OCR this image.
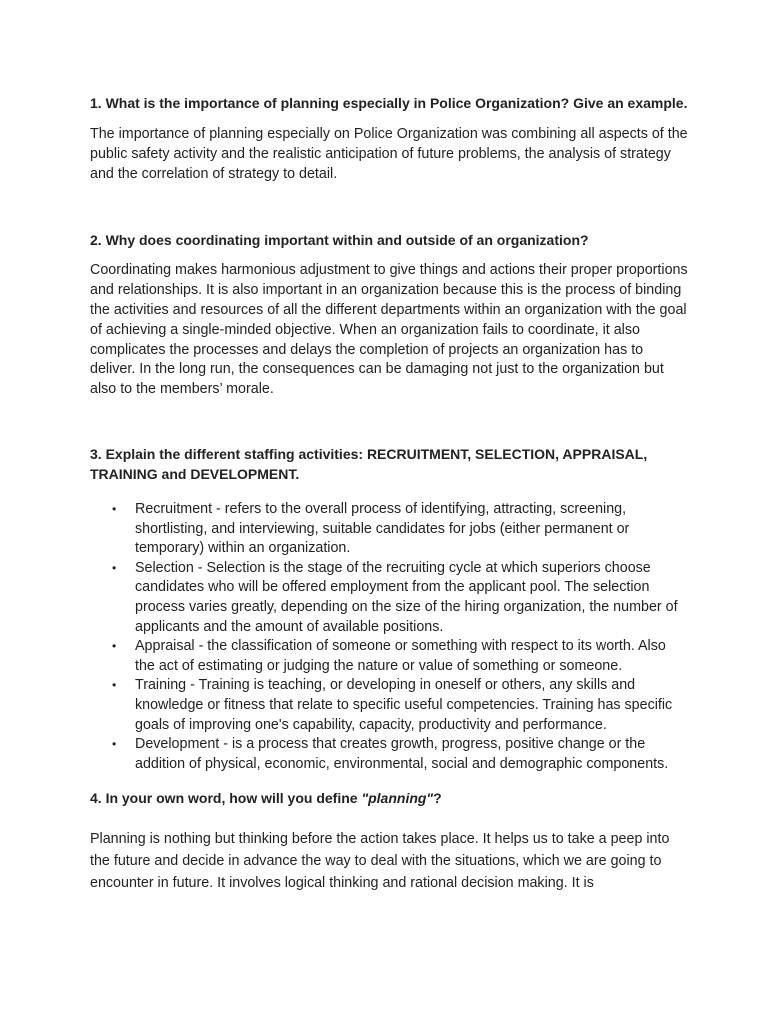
1. What is the importance of planning especially in Police Organization? Give an example.

The importance of planning especially on Police Organization was combining all aspects of the public safety activity and the realistic anticipation of future problems, the analysis of strategy and the correlation of strategy to detail.

2. Why does coordinating important within and outside of an organization?

Coordinating makes harmonious adjustment to give things and actions their proper proportions and relationships. It is also important in an organization because this is the process of binding the activities and resources of all the different departments within an organization with the goal of achieving a single-minded objective. When an organization fails to coordinate, it also complicates the processes and delays the completion of projects an organization has to deliver. In the long run, the consequences can be damaging not just to the organization but also to the members’ morale.

3. Explain the different staffing activities: RECRUITMENT, SELECTION, APPRAISAL, TRAINING and DEVELOPMENT.

• Recruitment - refers to the overall process of identifying, attracting, screening, shortlisting, and interviewing, suitable candidates for jobs (either permanent or temporary) within an organization.
• Selection - Selection is the stage of the recruiting cycle at which superiors choose candidates who will be offered employment from the applicant pool. The selection process varies greatly, depending on the size of the hiring organization, the number of applicants and the amount of available positions.
• Appraisal - the classification of someone or something with respect to its worth. Also the act of estimating or judging the nature or value of something or someone.
• Training - Training is teaching, or developing in oneself or others, any skills and knowledge or fitness that relate to specific useful competencies. Training has specific goals of improving one's capability, capacity, productivity and performance.
• Development - is a process that creates growth, progress, positive change or the addition of physical, economic, environmental, social and demographic components.

4. In your own word, how will you define "planning"?

Planning is nothing but thinking before the action takes place. It helps us to take a peep into the future and decide in advance the way to deal with the situations, which we are going to encounter in future. It involves logical thinking and rational decision making. It is
